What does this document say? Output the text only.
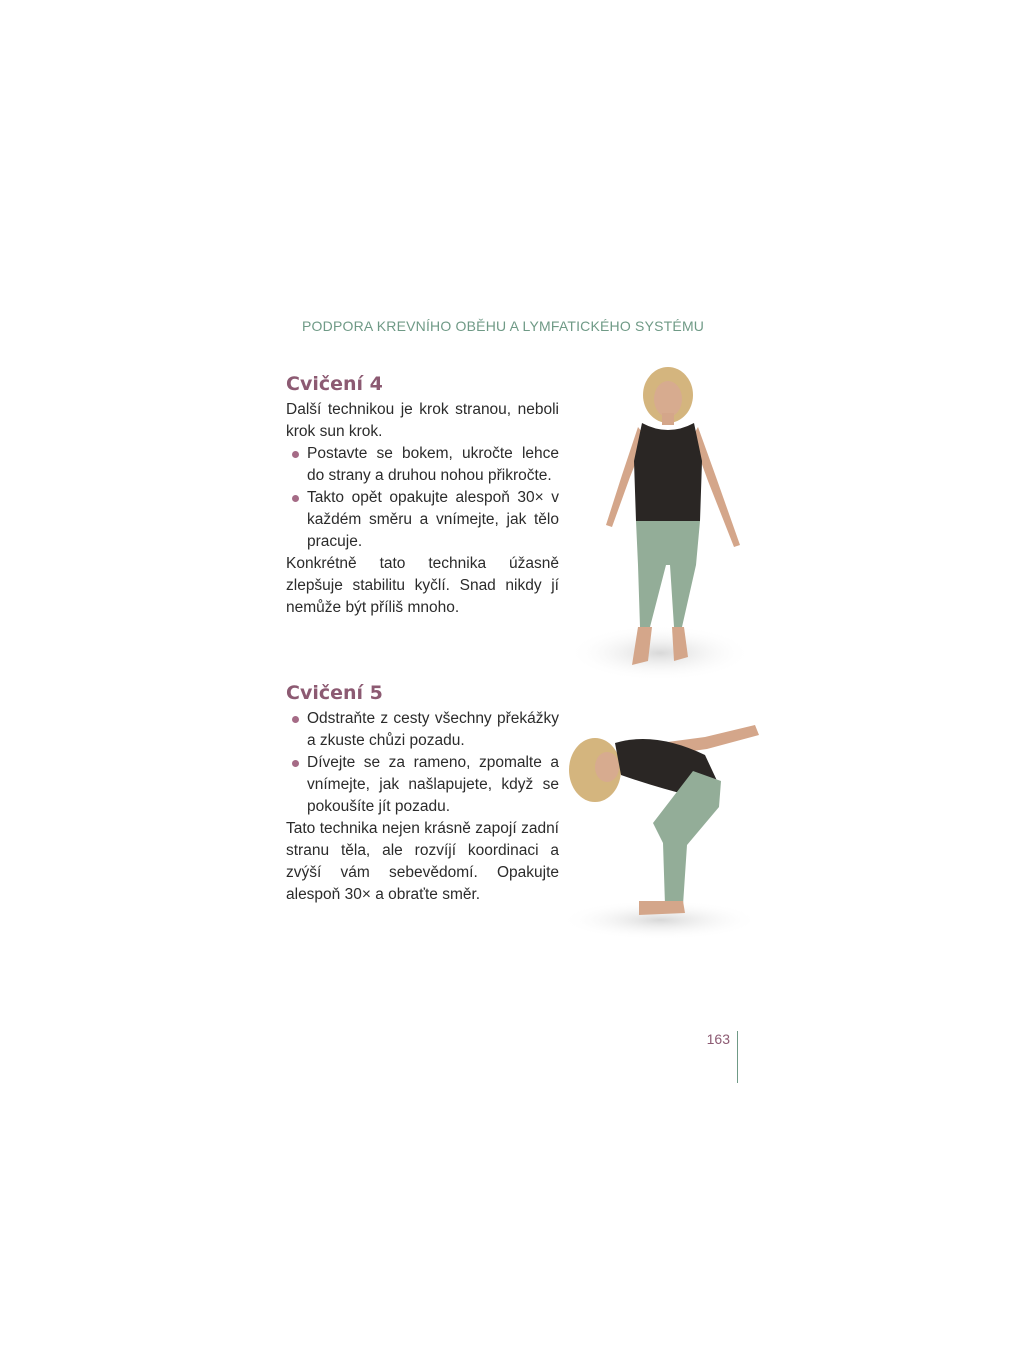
PODPORA KREVNÍHO OBĚHU A LYMFATICKÉHO SYSTÉMU
Cvičení 4

Další technikou je krok stranou, neboli krok sun krok.

Postavte se bokem, ukročte lehce do strany a druhou nohou přikročte.
Takto opět opakujte alespoň 30× v každém směru a vnímejte, jak tělo pracuje.

Konkrétně tato technika úžasně zlepšuje stabilitu kyčlí. Snad nikdy jí nemůže být příliš mnoho.

Cvičení 5
Odstraňte z cesty všechny překážky a zkuste chůzi pozadu.
Dívejte se za rameno, zpomalte a vnímejte, jak našlapujete, když se pokoušíte jít pozadu.

Tato technika nejen krásně zapojí zadní stranu těla, ale rozvíjí koordinaci a zvýší vám sebevědomí. Opakujte alespoň 30× a obraťte směr.

163
